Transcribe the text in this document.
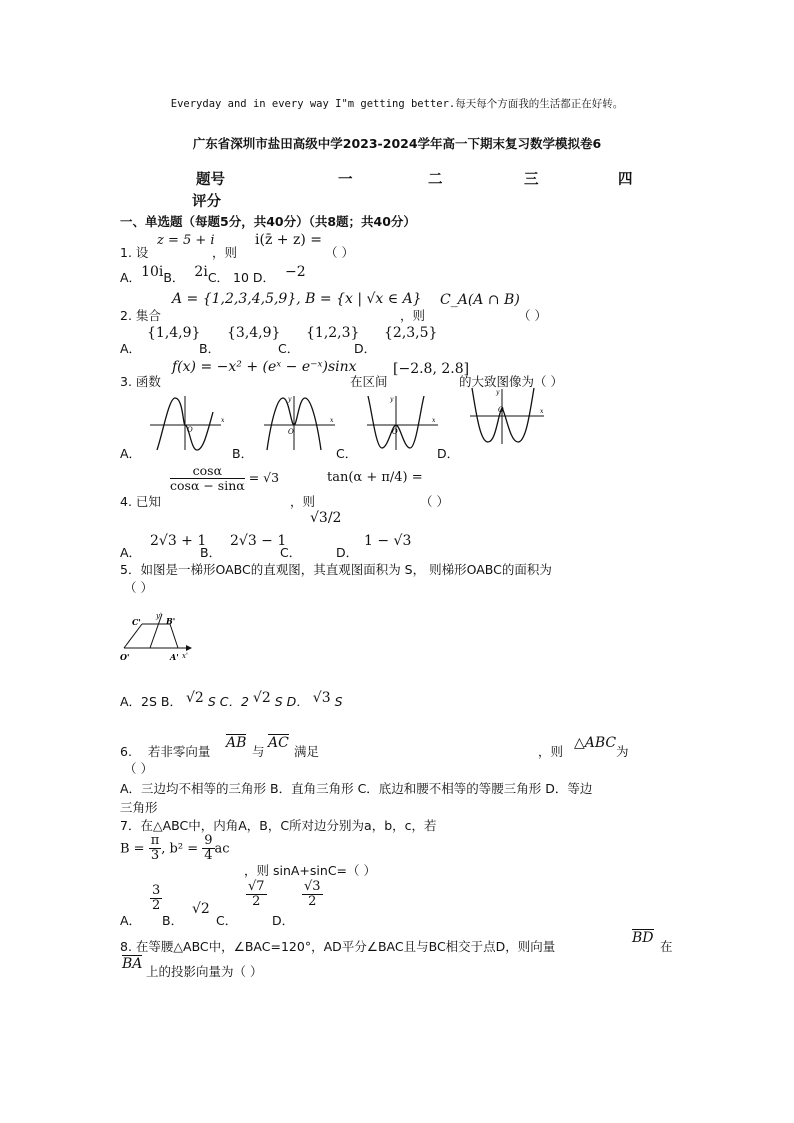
Everyday and in every way I"m getting better.每天每个方面我的生活都正在好转。
广东省深圳市盐田高级中学2023-2024学年高一下期末复习数学模拟卷6
题号	一	二	三	四
评分
一、单选题（每题5分，共40分）（共8题；共40分）
1. 设
z = 5 + i
，则
i(z̄ + z) =
（ ）
A．10iB． 2iC． 10 D． −2
2. 集合
A = {1,2,3,4,5,9}, B = {x | √x ∈ A}
，则
C_A(A ∩ B)
（ ）
A．
{1,4,9}
B．
{3,4,9}
C．
{1,2,3}
D．
{2,3,5}
3. 函数
f(x) = −x² + (eˣ − e⁻ˣ)sinx
在区间
[−2.8, 2.8]
的大致图像为（ ）
O
x
O
y
x
O
y
x
O
y
x
A．	B．	C．	D．
4. 已知
$\frac{\cos\alpha}{\cos\alpha - \sin\alpha} = √3$
，则
tan(α + π/4) =
（ ）
A．
2√3 + 1
B．
2√3 − 1
C．
√3/2
D．
1 − √3
5．如图是一梯形OABC的直观图，其直观图面积为 S， 则梯形OABC的面积为
（ ）
C'
y' B'
O'	A' x'
A．2S B． √2 S C．2 √2 S D． √3 S
6. 若非零向量
AB
与
AC
满足	，则
△ABC
为
（ ）
A．三边均不相等的三角形 B．直角三角形 C．底边和腰不相等的等腰三角形 D．等边
三角形
7．在△ABC中，内角A，B，C所对边分别为a，b，c，若
$B = \frac{\pi}{3}$ , $b^2 = \frac{9}{4}$ ac
，则 sinA+sinC=（ ）
A．
$\frac{3}{2}$
B．
√2
C．
$\frac{√7}{2}$
D．
$\frac{√3}{2}$
8. 在等腰△ABC中，∠BAC=120°，AD平分∠BAC且与BC相交于点D，则向量
BD
在
BA 上的投影向量为（ ）
